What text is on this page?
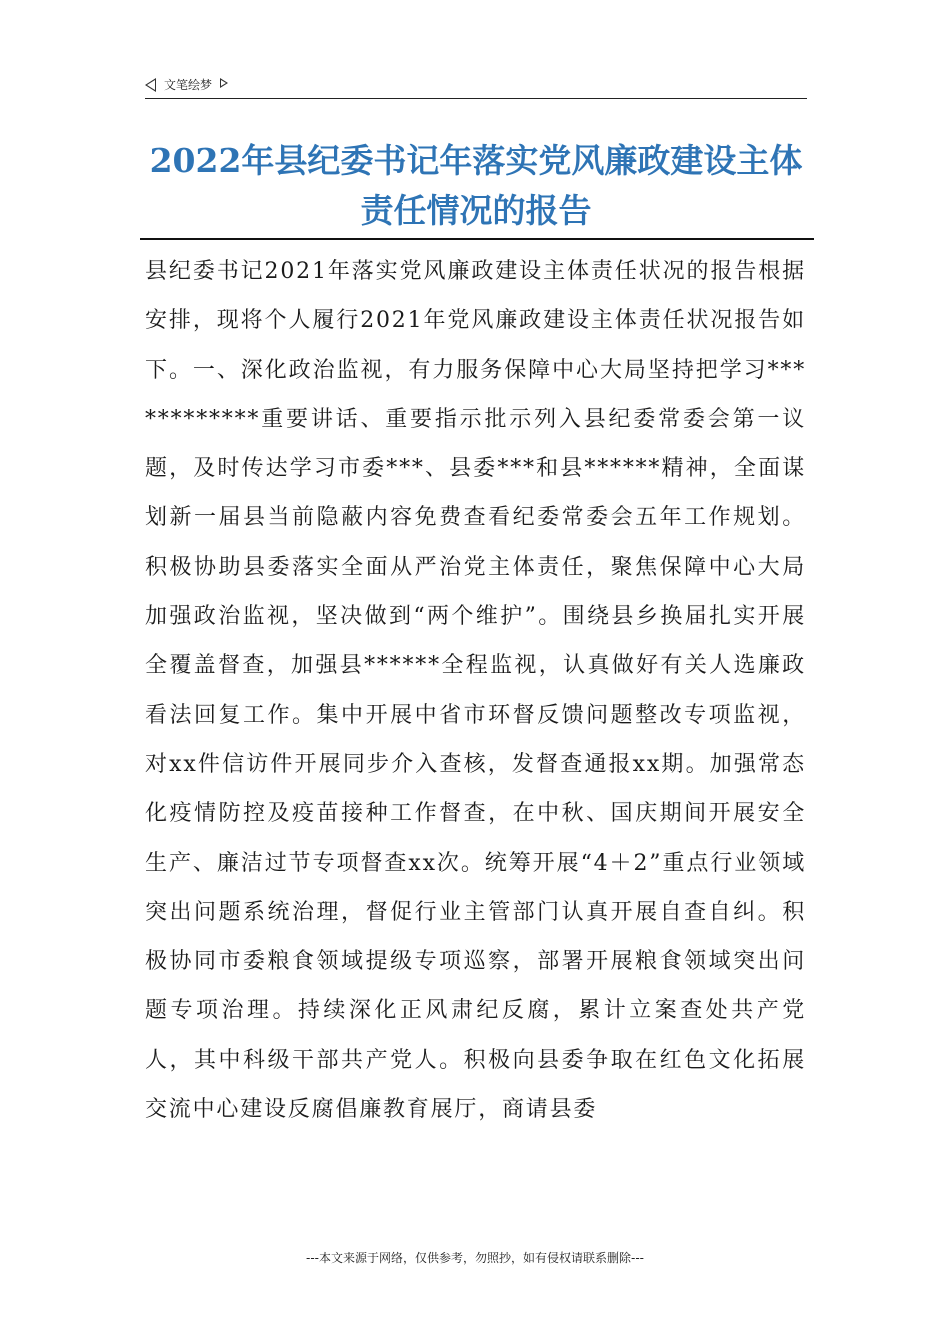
文笔绘梦
2022年县纪委书记年落实党风廉政建设主体责任情况的报告

县纪委书记2021年落实党风廉政建设主体责任状况的报告根据安排，现将个人履行2021年党风廉政建设主体责任状况报告如下。一、深化政治监视，有力服务保障中心大局坚持把学习************重要讲话、重要指示批示列入县纪委常委会第一议题，及时传达学习市委***、县委***和县******精神，全面谋划新一届县当前隐蔽内容免费查看纪委常委会五年工作规划。积极协助县委落实全面从严治党主体责任，聚焦保障中心大局加强政治监视，坚决做到“两个维护”。围绕县乡换届扎实开展全覆盖督查，加强县******全程监视，认真做好有关人选廉政看法回复工作。集中开展中省市环督反馈问题整改专项监视，对xx件信访件开展同步介入查核，发督查通报xx期。加强常态化疫情防控及疫苗接种工作督查，在中秋、国庆期间开展安全生产、廉洁过节专项督查xx次。统筹开展“4＋2”重点行业领域突出问题系统治理，督促行业主管部门认真开展自查自纠。积极协同市委粮食领域提级专项巡察，部署开展粮食领域突出问题专项治理。持续深化正风肃纪反腐，累计立案查处共产党人，其中科级干部共产党人。积极向县委争取在红色文化拓展交流中心建设反腐倡廉教育展厅，商请县委

---本文来源于网络，仅供参考，勿照抄，如有侵权请联系删除---
